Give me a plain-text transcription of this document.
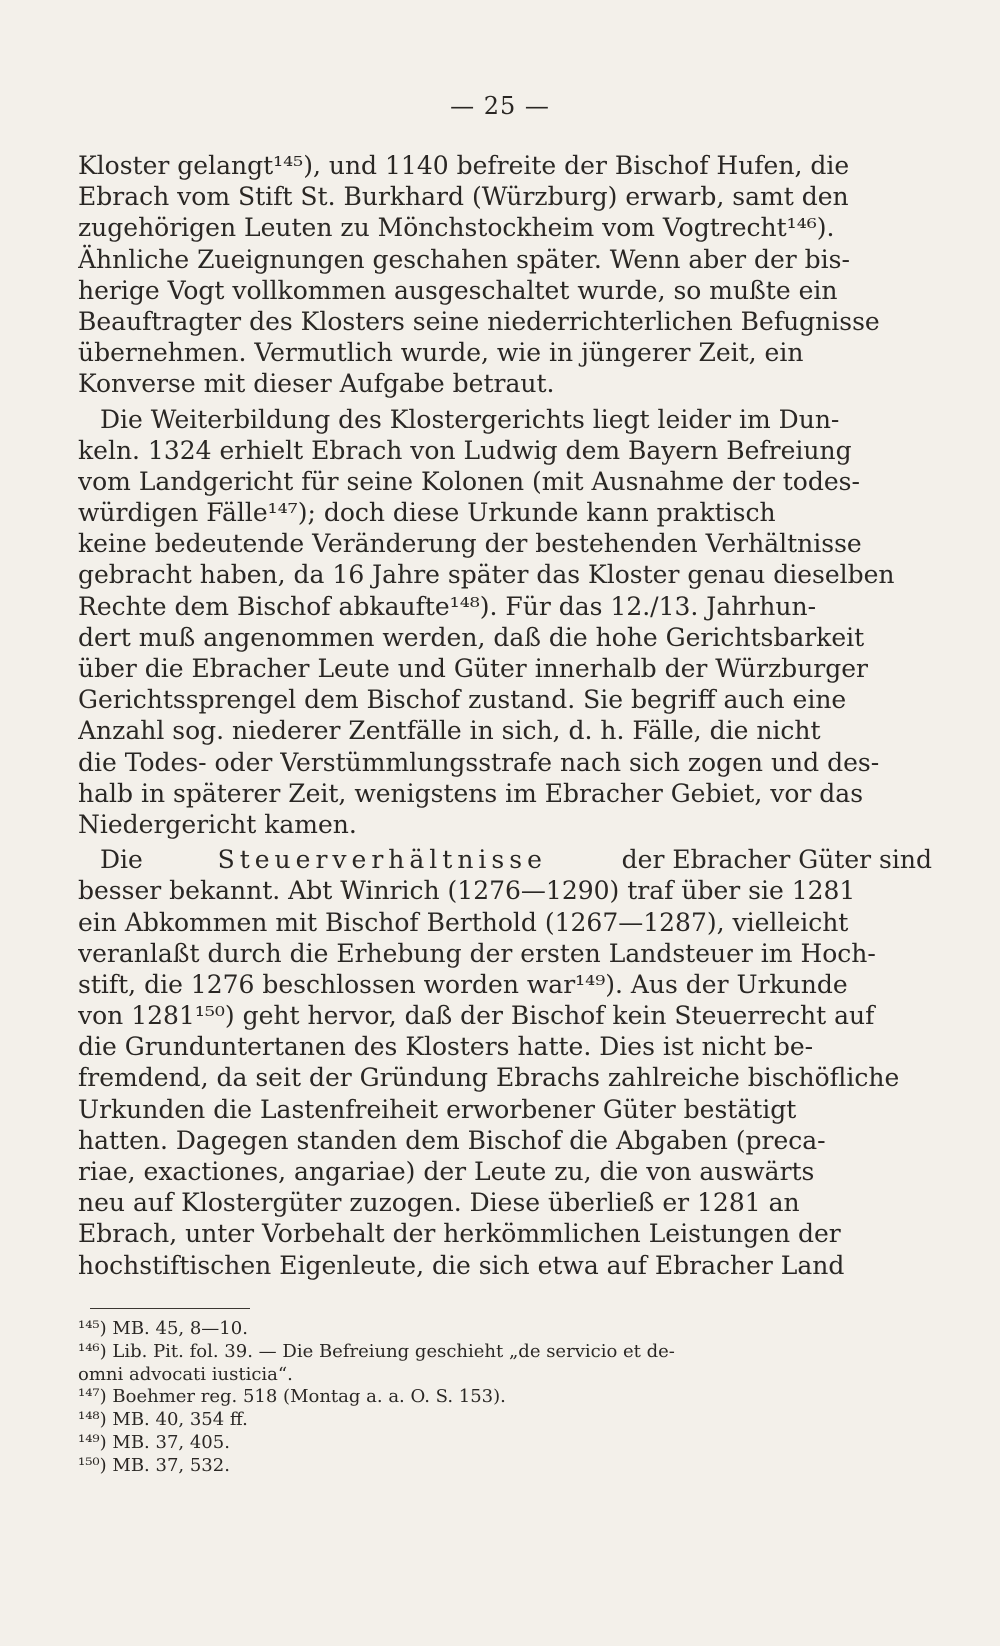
— 25 —
Kloster gelangt¹⁴⁵), und 1140 befreite der Bischof Hufen, die
Ebrach vom Stift St. Burkhard (Würzburg) erwarb, samt den
zugehörigen Leuten zu Mönchstockheim vom Vogtrecht¹⁴⁶).
Ähnliche Zueignungen geschahen später. Wenn aber der bis-
herige Vogt vollkommen ausgeschaltet wurde, so mußte ein
Beauftragter des Klosters seine niederrichterlichen Befugnisse
übernehmen. Vermutlich wurde, wie in jüngerer Zeit, ein
Konverse mit dieser Aufgabe betraut.
Die Weiterbildung des Klostergerichts liegt leider im Dun-
keln. 1324 erhielt Ebrach von Ludwig dem Bayern Befreiung
vom Landgericht für seine Kolonen (mit Ausnahme der todes-
würdigen Fälle¹⁴⁷); doch diese Urkunde kann praktisch
keine bedeutende Veränderung der bestehenden Verhältnisse
gebracht haben, da 16 Jahre später das Kloster genau dieselben
Rechte dem Bischof abkaufte¹⁴⁸). Für das 12./13. Jahrhun-
dert muß angenommen werden, daß die hohe Gerichtsbarkeit
über die Ebracher Leute und Güter innerhalb der Würzburger
Gerichtssprengel dem Bischof zustand. Sie begriff auch eine
Anzahl sog. niederer Zentfälle in sich, d. h. Fälle, die nicht
die Todes- oder Verstümmlungsstrafe nach sich zogen und des-
halb in späterer Zeit, wenigstens im Ebracher Gebiet, vor das
Niedergericht kamen.
Die	Steuerverhältnisse	der Ebracher Güter sind
besser bekannt. Abt Winrich (1276—1290) traf über sie 1281
ein Abkommen mit Bischof Berthold (1267—1287), vielleicht
veranlaßt durch die Erhebung der ersten Landsteuer im Hoch-
stift, die 1276 beschlossen worden war¹⁴⁹). Aus der Urkunde
von 1281¹⁵⁰) geht hervor, daß der Bischof kein Steuerrecht auf
die Grunduntertanen des Klosters hatte. Dies ist nicht be-
fremdend, da seit der Gründung Ebrachs zahlreiche bischöfliche
Urkunden die Lastenfreiheit erworbener Güter bestätigt
hatten. Dagegen standen dem Bischof die Abgaben (preca-
riae, exactiones, angariae) der Leute zu, die von auswärts
neu auf Klostergüter zuzogen. Diese überließ er 1281 an
Ebrach, unter Vorbehalt der herkömmlichen Leistungen der
hochstiftischen Eigenleute, die sich etwa auf Ebracher Land
¹⁴⁵) MB. 45, 8—10.
¹⁴⁶) Lib. Pit. fol. 39. — Die Befreiung geschieht „de servicio et de-
omni advocati iusticia“.
¹⁴⁷) Boehmer reg. 518 (Montag a. a. O. S. 153).
¹⁴⁸) MB. 40, 354 ff.
¹⁴⁹) MB. 37, 405.
¹⁵⁰) MB. 37, 532.
